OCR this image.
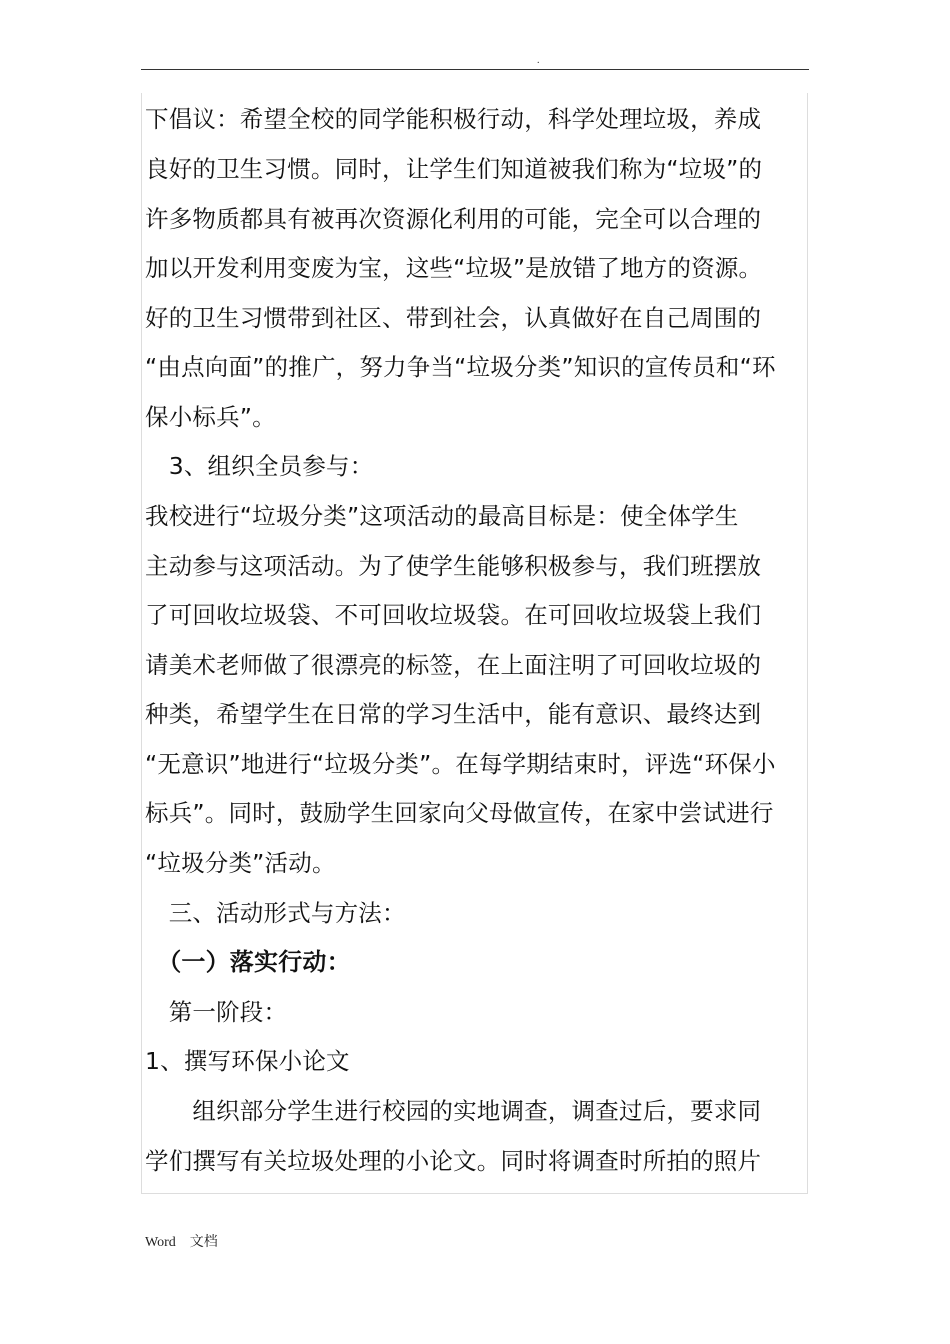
.
下倡议：希望全校的同学能积极行动，科学处理垃圾，养成
良好的卫生习惯。同时，让学生们知道被我们称为“垃圾”的
许多物质都具有被再次资源化利用的可能，完全可以合理的
加以开发利用变废为宝，这些“垃圾”是放错了地方的资源。
好的卫生习惯带到社区、带到社会，认真做好在自己周围的
“由点向面”的推广，努力争当“垃圾分类”知识的宣传员和“环
保小标兵”。
　3、组织全员参与：
我校进行“垃圾分类”这项活动的最高目标是：使全体学生
主动参与这项活动。为了使学生能够积极参与，我们班摆放
了可回收垃圾袋、不可回收垃圾袋。在可回收垃圾袋上我们
请美术老师做了很漂亮的标签，在上面注明了可回收垃圾的
种类，希望学生在日常的学习生活中，能有意识、最终达到
“无意识”地进行“垃圾分类”。在每学期结束时，评选“环保小
标兵”。同时，鼓励学生回家向父母做宣传，在家中尝试进行
“垃圾分类”活动。
　三、活动形式与方法：
　（一）落实行动：
　第一阶段：
1、撰写环保小论文
　　组织部分学生进行校园的实地调查，调查过后，要求同
学们撰写有关垃圾处理的小论文。同时将调查时所拍的照片
Word　文档
